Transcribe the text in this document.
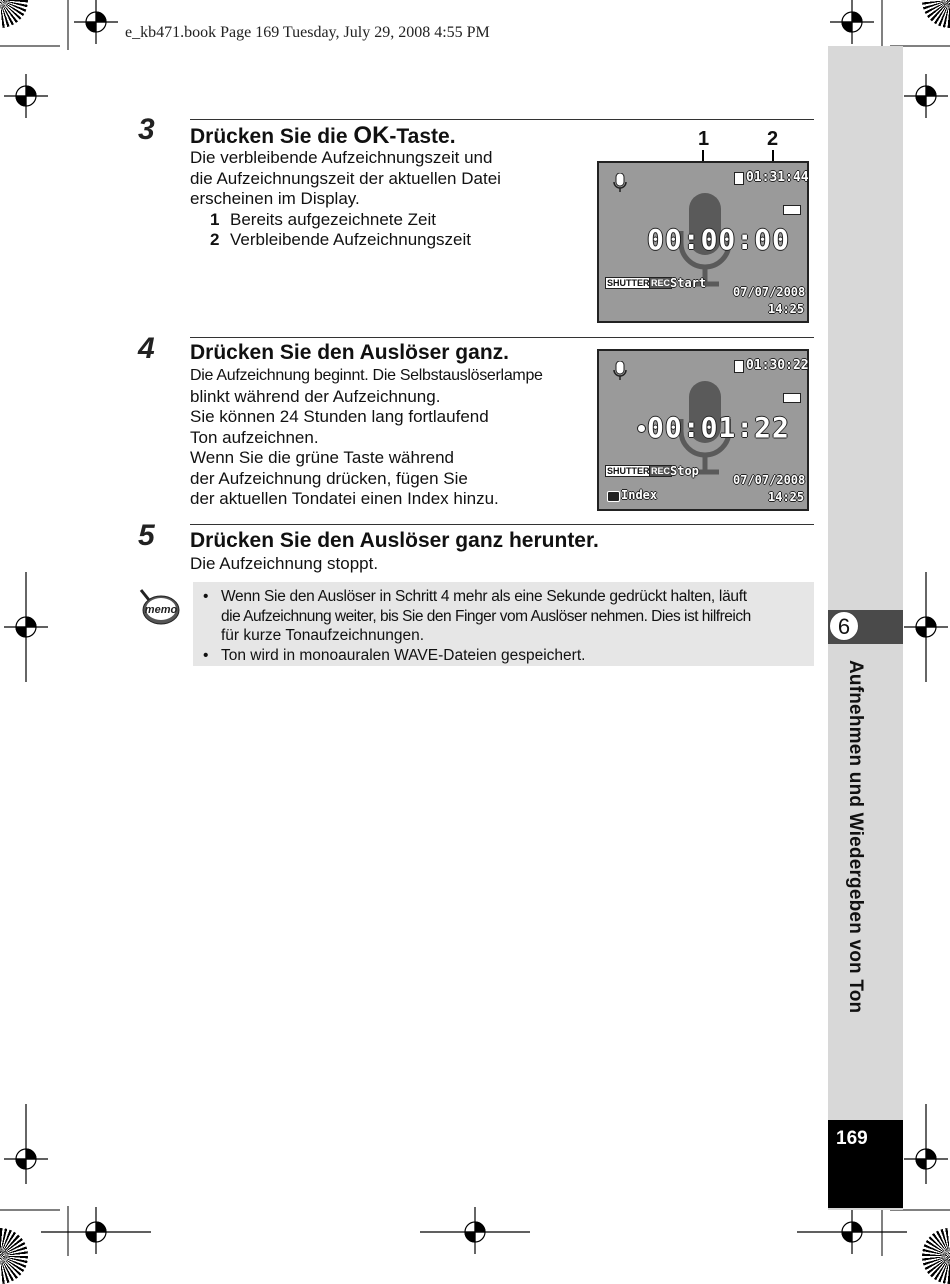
e_kb471.book Page 169 Tuesday, July 29, 2008 4:55 PM
6
Aufnehmen und Wiedergeben von Ton
169
3 Drücken Sie die OK-Taste.

Die verbleibende Aufzeichnungszeit und

die Aufzeichnungszeit der aktuellen Datei

erscheinen im Display.

1 Bereits aufgezeichnete Zeit

2 Verbleibende Aufzeichnungszeit

1	2
01:31:44
00:00:00
SHUTTER REC Start
07/07/2008
14:25
4 Drücken Sie den Auslöser ganz.

Die Aufzeichnung beginnt. Die Selbstauslöserlampe

blinkt während der Aufzeichnung.

Sie können 24 Stunden lang fortlaufend

Ton aufzeichnen.

Wenn Sie die grüne Taste während

der Aufzeichnung drücken, fügen Sie

der aktuellen Tondatei einen Index hinzu.

01:30:22
00:01:22
SHUTTER REC Stop
07/07/2008
Index	14:25
5 Drücken Sie den Auslöser ganz herunter.

Die Aufzeichnung stoppt.

memo
• Wenn Sie den Auslöser in Schritt 4 mehr als eine Sekunde gedrückt halten, läuft
die Aufzeichnung weiter, bis Sie den Finger vom Auslöser nehmen. Dies ist hilfreich
für kurze Tonaufzeichnungen.
• Ton wird in monoauralen WAVE-Dateien gespeichert.
